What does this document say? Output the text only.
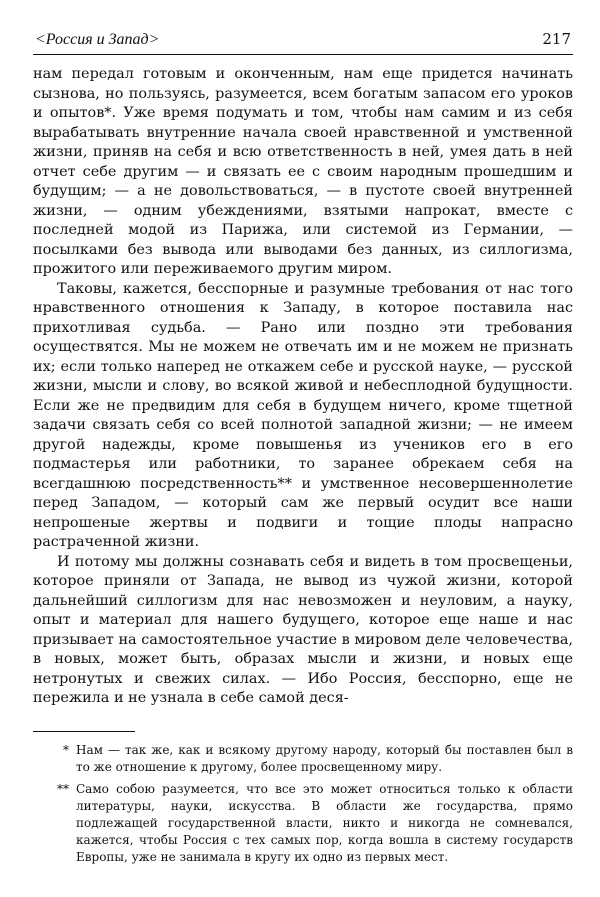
<Россия и Запад>	217

нам передал готовым и оконченным, нам еще придется начинать сызнова, но пользуясь, разумеется, всем богатым запасом его уроков и опытов*. Уже время подумать и том, чтобы нам самим и из себя вырабатывать внутренние начала своей нравственной и умственной жизни, приняв на себя и всю ответственность в ней, умея дать в ней отчет себе другим — и связать ее с своим народным прошедшим и будущим; — а не довольствоваться, — в пустоте своей внутренней жизни, — одним убеждениями, взятыми напрокат, вместе с последней модой из Парижа, или системой из Германии, — посылками без вывода или выводами без данных, из силлогизма, прожитого или переживаемого другим миром.

Таковы, кажется, бесспорные и разумные требования от нас того нравственного отношения к Западу, в которое поставила нас прихотливая судьба. — Рано или поздно эти требования осуществятся. Мы не можем не отвечать им и не можем не признать их; если только наперед не откажем себе и русской науке, — русской жизни, мысли и слову, во всякой живой и небесплодной будущности. Если же не предвидим для себя в будущем ничего, кроме тщетной задачи связать себя со всей полнотой западной жизни; — не имеем другой надежды, кроме повышенья из учеников его в его подмастерья или работники, то заранее обрекаем себя на всегдашнюю посредственность** и умственное несовершеннолетие перед Западом, — который сам же первый осудит все наши непрошеные жертвы и подвиги и тощие плоды напрасно растраченной жизни.

И потому мы должны сознавать себя и видеть в том просвещеньи, которое приняли от Запада, не вывод из чужой жизни, которой дальнейший силлогизм для нас невозможен и неуловим, а науку, опыт и материал для нашего будущего, которое еще наше и нас призывает на самостоятельное участие в мировом деле человечества, в новых, может быть, образах мысли и жизни, и новых еще нетронутых и свежих силах. — Ибо Россия, бесспорно, еще не пережила и не узнала в себе самой деся-

* Нам — так же, как и всякому другому народу, который бы поставлен был в то же отношение к другому, более просвещенному миру.
** Само собою разумеется, что все это может относиться только к области литературы, науки, искусства. В области же государства, прямо подлежащей государственной власти, никто и никогда не сомневался, кажется, чтобы Россия с тех самых пор, когда вошла в систему государств Европы, уже не занимала в кругу их одно из первых мест.
